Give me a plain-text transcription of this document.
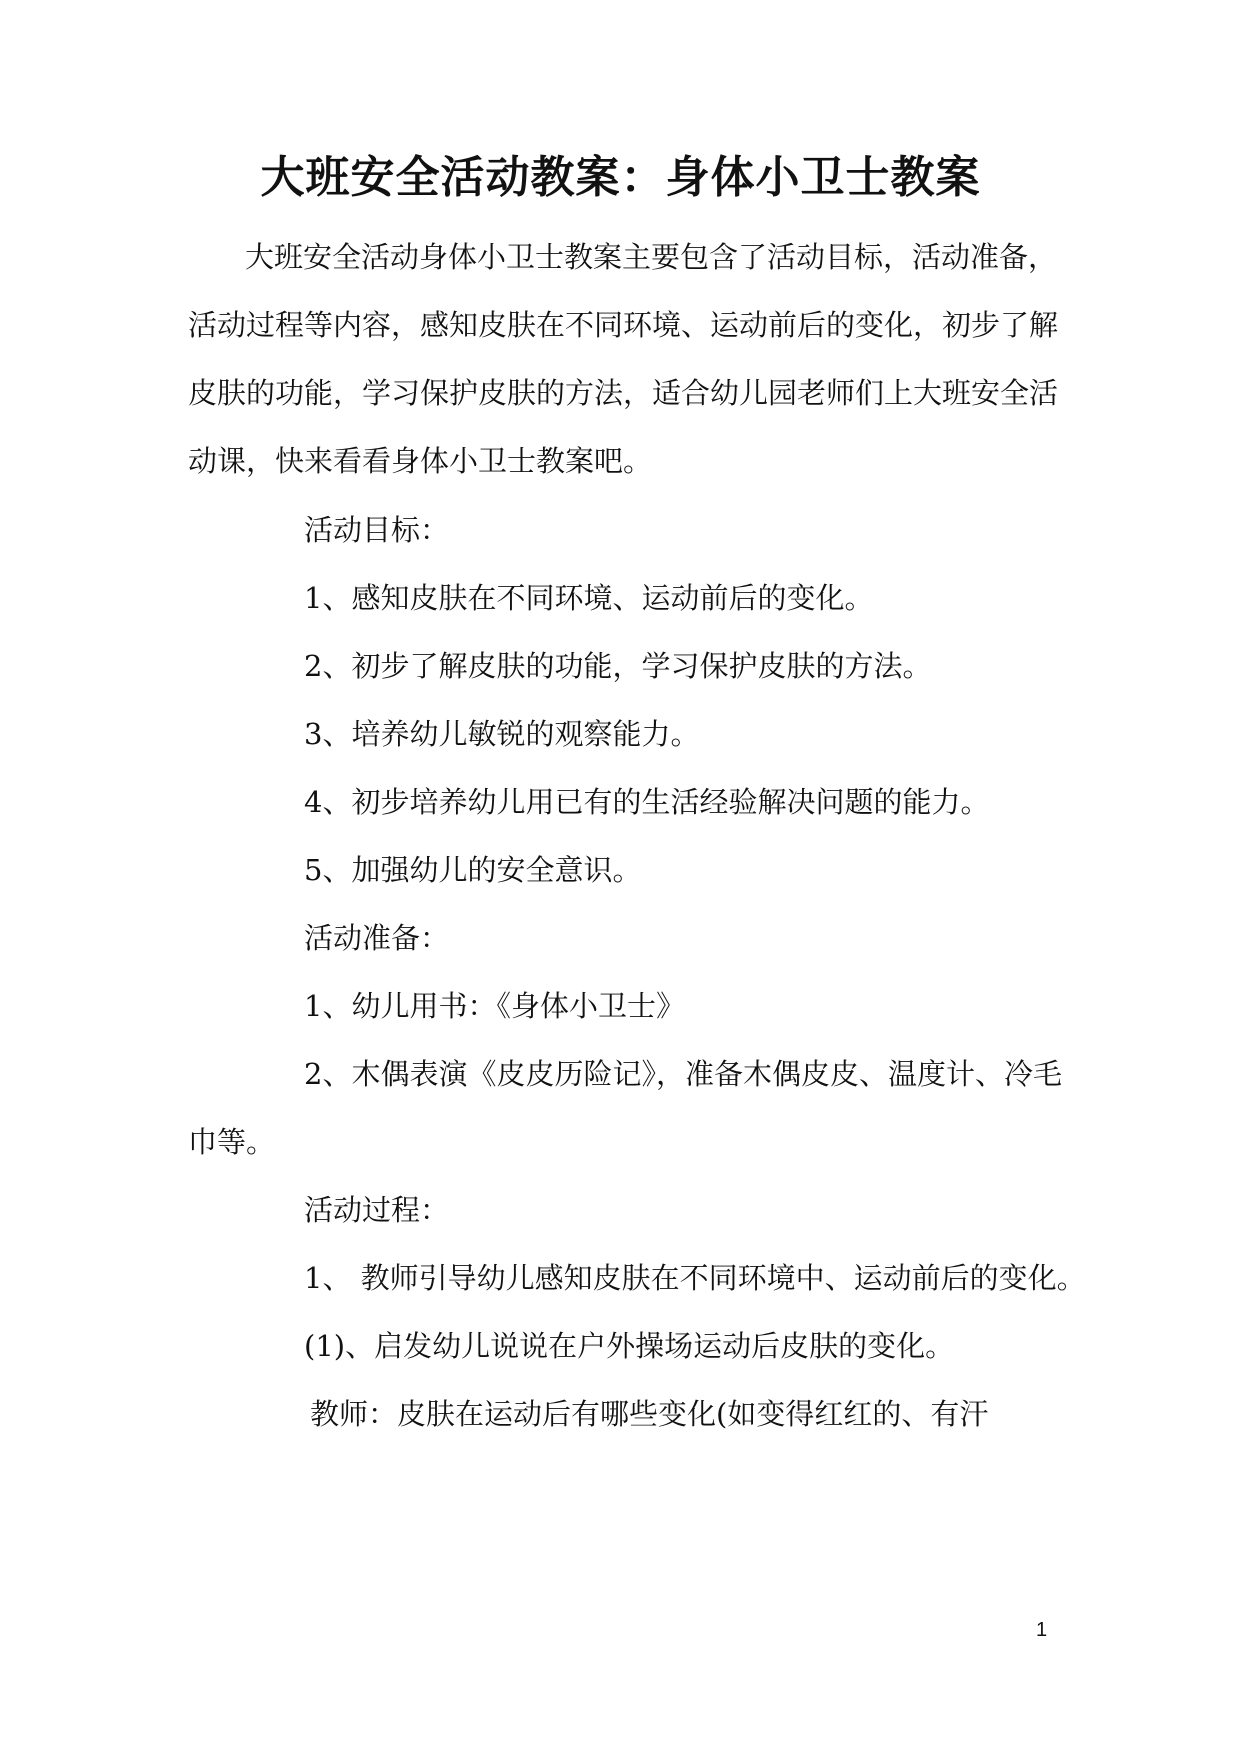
大班安全活动教案：身体小卫士教案
大班安全活动身体小卫士教案主要包含了活动目标，活动准备，
活动过程等内容，感知皮肤在不同环境、运动前后的变化，初步了解
皮肤的功能，学习保护皮肤的方法，适合幼儿园老师们上大班安全活
动课，快来看看身体小卫士教案吧。
活动目标：
1、感知皮肤在不同环境、运动前后的变化。
2、初步了解皮肤的功能，学习保护皮肤的方法。
3、培养幼儿敏锐的观察能力。
4、初步培养幼儿用已有的生活经验解决问题的能力。
5、加强幼儿的安全意识。
活动准备：
1、幼儿用书：《身体小卫士》
2、木偶表演《皮皮历险记》，准备木偶皮皮、温度计、冷毛
巾等。
活动过程：
1、 教师引导幼儿感知皮肤在不同环境中、运动前后的变化。
(1)、启发幼儿说说在户外操场运动后皮肤的变化。
教师：皮肤在运动后有哪些变化(如变得红红的、有汗
1
